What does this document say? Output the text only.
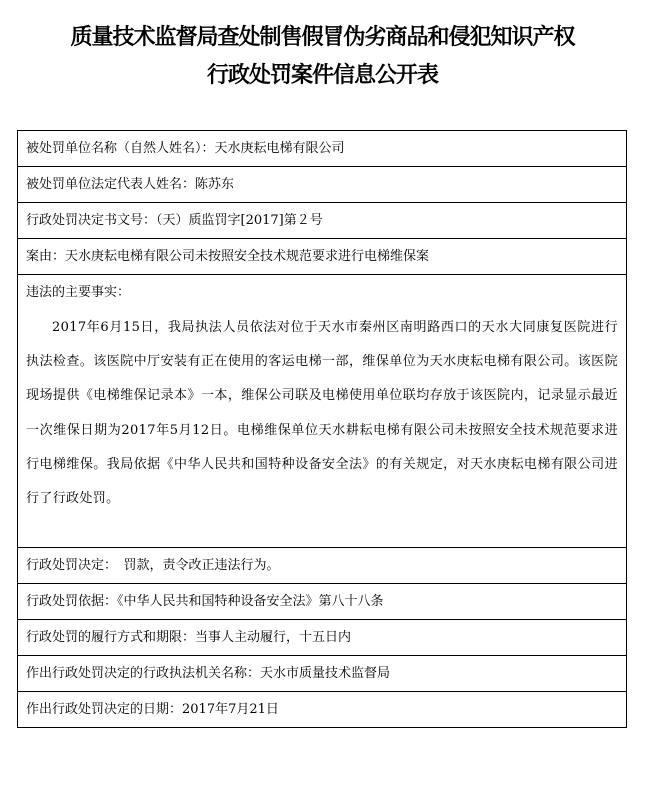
质量技术监督局查处制售假冒伪劣商品和侵犯知识产权
行政处罚案件信息公开表
被处罚单位名称（自然人姓名）：天水庚耘电梯有限公司
被处罚单位法定代表人姓名：陈苏东
行政处罚决定书文号：（天）质监罚字[2017]第２号
案由：天水庚耘电梯有限公司未按照安全技术规范要求进行电梯维保案
违法的主要事实：
2017年6月15日，我局执法人员依法对位于天水市秦州区南明路西口的天水大同康复医院进行执法检查。该医院中厅安装有正在使用的客运电梯一部，维保单位为天水庚耘电梯有限公司。该医院现场提供《电梯维保记录本》一本，维保公司联及电梯使用单位联均存放于该医院内，记录显示最近一次维保日期为2017年5月12日。电梯维保单位天水耕耘电梯有限公司未按照安全技术规范要求进行电梯维保。我局依据《中华人民共和国特种设备安全法》的有关规定，对天水庚耘电梯有限公司进行了行政处罚。
行政处罚决定：　罚款，责令改正违法行为。
行政处罚依据：《中华人民共和国特种设备安全法》第八十八条
行政处罚的履行方式和期限：当事人主动履行，十五日内
作出行政处罚决定的行政执法机关名称：天水市质量技术监督局
作出行政处罚决定的日期：2017年7月21日
